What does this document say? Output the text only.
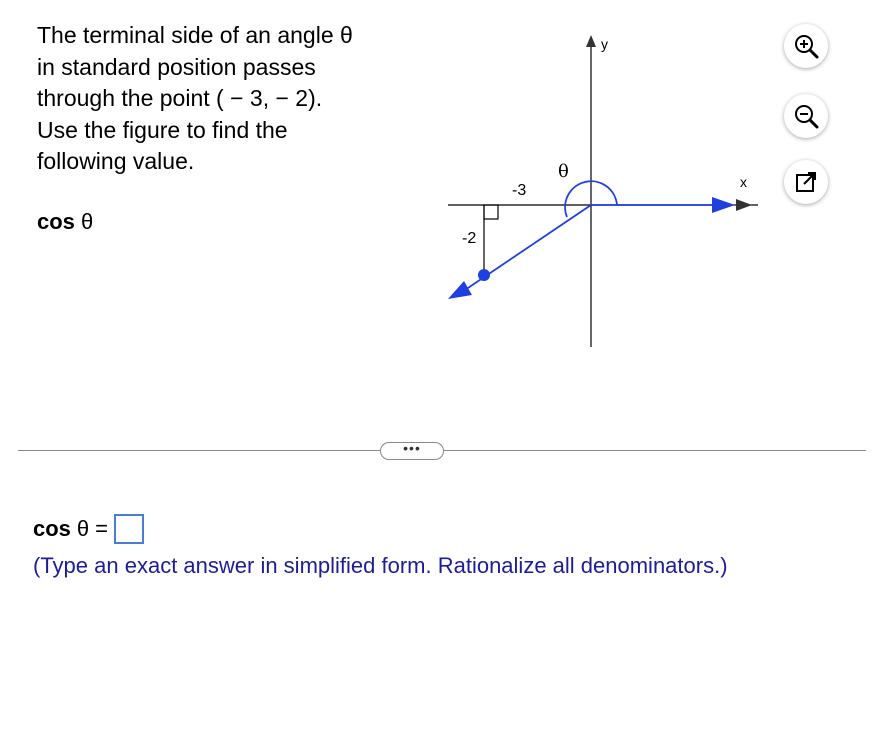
The terminal side of an angle θ

in standard position passes

through the point ( − 3, − 2).

Use the figure to find the

following value.

cos θ
y
x
θ
-3
-2
•••
cos θ =
(Type an exact answer in simplified form. Rationalize all denominators.)
